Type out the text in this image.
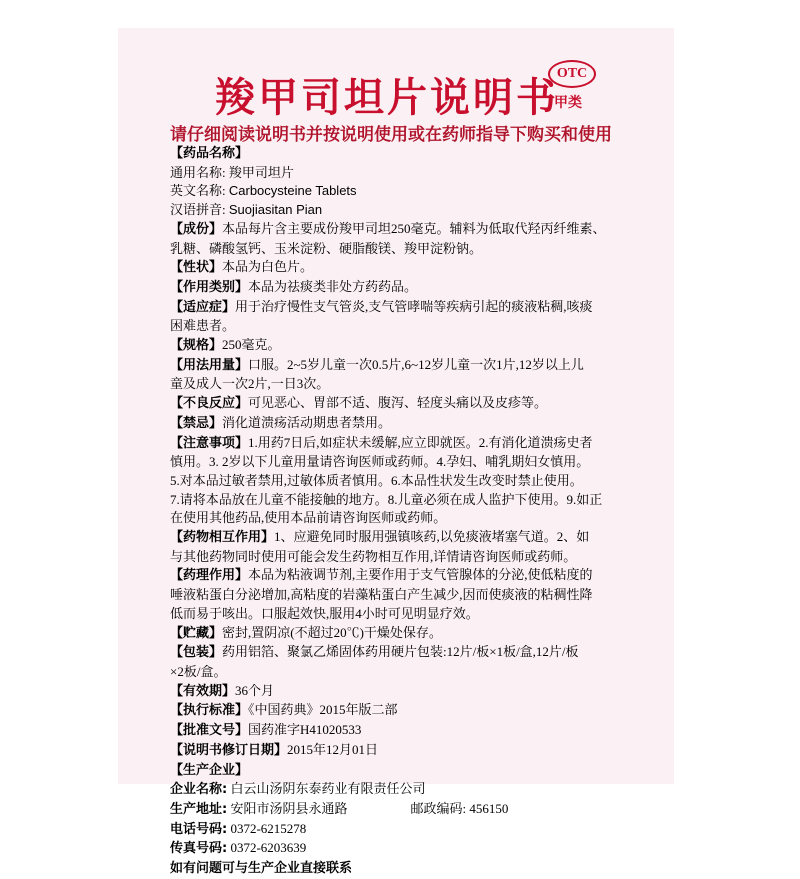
羧甲司坦片说明书
OTC
甲类
请仔细阅读说明书并按说明使用或在药师指导下购买和使用

【药品名称】

通用名称: 羧甲司坦片

英文名称: Carbocysteine Tablets

汉语拼音: Suojiasitan Pian

【成份】本品每片含主要成份羧甲司坦250毫克。辅料为低取代羟丙纤维素、

乳糖、磷酸氢钙、玉米淀粉、硬脂酸镁、羧甲淀粉钠。

【性状】本品为白色片。

【作用类别】本品为祛痰类非处方药药品。

【适应症】用于治疗慢性支气管炎,支气管哮喘等疾病引起的痰液粘稠,咳痰

困难患者。

【规格】250毫克。

【用法用量】口服。2~5岁儿童一次0.5片,6~12岁儿童一次1片,12岁以上儿

童及成人一次2片,一日3次。

【不良反应】可见恶心、胃部不适、腹泻、轻度头痛以及皮疹等。

【禁忌】消化道溃疡活动期患者禁用。

【注意事项】1.用药7日后,如症状未缓解,应立即就医。2.有消化道溃疡史者

慎用。3. 2岁以下儿童用量请咨询医师或药师。4.孕妇、哺乳期妇女慎用。

5.对本品过敏者禁用,过敏体质者慎用。6.本品性状发生改变时禁止使用。

7.请将本品放在儿童不能接触的地方。8.儿童必须在成人监护下使用。9.如正

在使用其他药品,使用本品前请咨询医师或药师。

【药物相互作用】1、应避免同时服用强镇咳药,以免痰液堵塞气道。2、如

与其他药物同时使用可能会发生药物相互作用,详情请咨询医师或药师。

【药理作用】本品为粘液调节剂,主要作用于支气管腺体的分泌,使低粘度的

唾液粘蛋白分泌增加,高粘度的岩藻粘蛋白产生减少,因而使痰液的粘稠性降

低而易于咳出。口服起效快,服用4小时可见明显疗效。

【贮藏】密封,置阴凉(不超过20℃)干燥处保存。

【包装】药用铝箔、聚氯乙烯固体药用硬片包装:12片/板×1板/盒,12片/板

×2板/盒。

【有效期】36个月

【执行标准】《中国药典》2015年版二部

【批准文号】国药准字H41020533

【说明书修订日期】2015年12月01日

【生产企业】

企业名称: 白云山汤阴东泰药业有限责任公司

生产地址: 安阳市汤阴县永通路	邮政编码: 456150

电话号码: 0372-6215278

传真号码: 0372-6203639

如有问题可与生产企业直接联系
